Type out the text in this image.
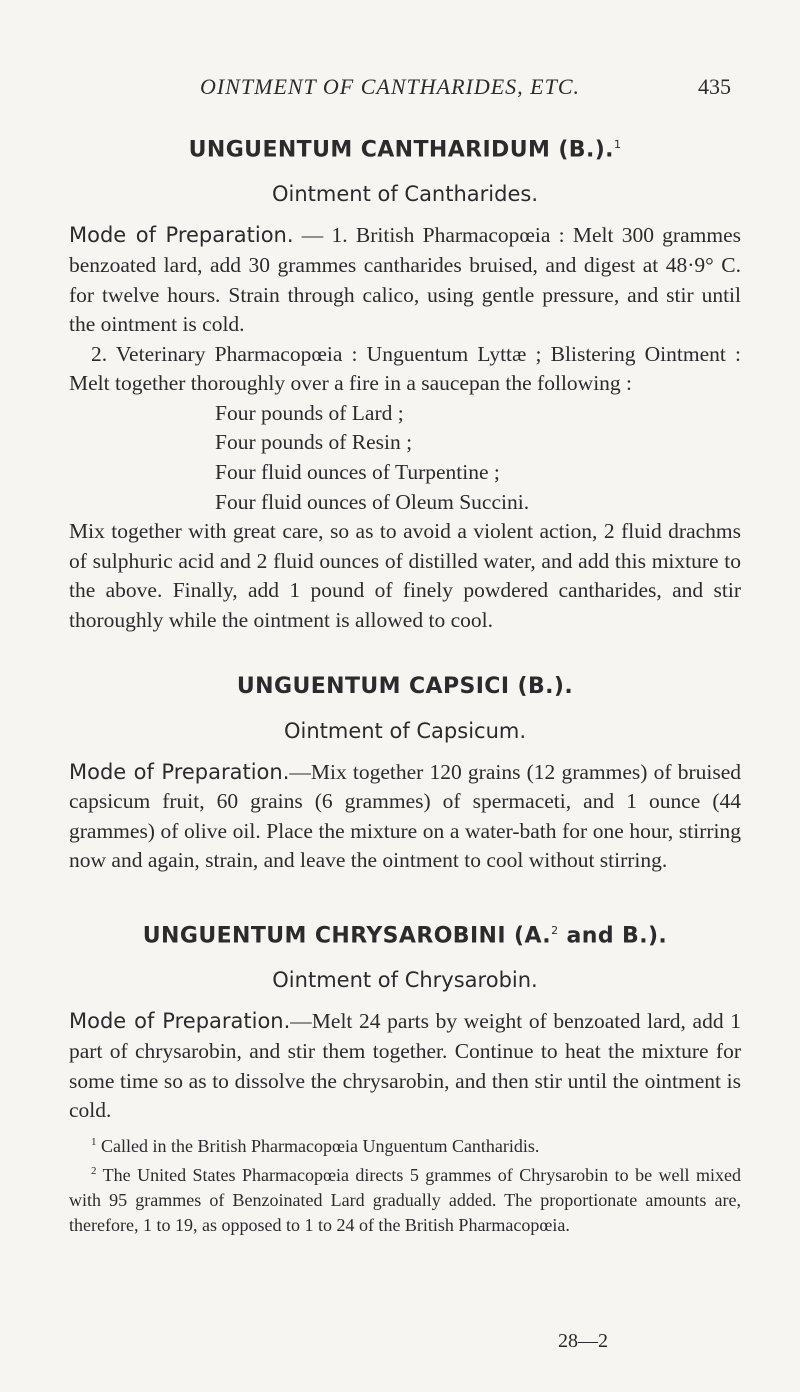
OINTMENT OF CANTHARIDES, ETC.	435
UNGUENTUM CANTHARIDUM (B.).$^1$
Ointment of Cantharides.

Mode of Preparation. — 1. British Pharmacopœia : Melt 300 grammes benzoated lard, add 30 grammes cantharides bruised, and digest at 48·9° C. for twelve hours. Strain through calico, using gentle pressure, and stir until the ointment is cold.

2. Veterinary Pharmacopœia : Unguentum Lyttæ ; Blistering Ointment : Melt together thoroughly over a fire in a saucepan the following :

Four pounds of Lard ;
Four pounds of Resin ;
Four fluid ounces of Turpentine ;
Four fluid ounces of Oleum Succini.

Mix together with great care, so as to avoid a violent action, 2 fluid drachms of sulphuric acid and 2 fluid ounces of distilled water, and add this mixture to the above. Finally, add 1 pound of finely powdered cantharides, and stir thoroughly while the ointment is allowed to cool.

UNGUENTUM CAPSICI (B.).
Ointment of Capsicum.

Mode of Preparation.—Mix together 120 grains (12 grammes) of bruised capsicum fruit, 60 grains (6 grammes) of spermaceti, and 1 ounce (44 grammes) of olive oil. Place the mixture on a water-bath for one hour, stirring now and again, strain, and leave the ointment to cool without stirring.

UNGUENTUM CHRYSAROBINI (A.$^2$ and B.).
Ointment of Chrysarobin.

Mode of Preparation.—Melt 24 parts by weight of benzoated lard, add 1 part of chrysarobin, and stir them together. Continue to heat the mixture for some time so as to dissolve the chrysarobin, and then stir until the ointment is cold.

$^1$ Called in the British Pharmacopœia Unguentum Cantharidis.

$^2$ The United States Pharmacopœia directs 5 grammes of Chrysarobin to be well mixed with 95 grammes of Benzoinated Lard gradually added. The proportionate amounts are, therefore, 1 to 19, as opposed to 1 to 24 of the British Pharmacopœia.

28—2
